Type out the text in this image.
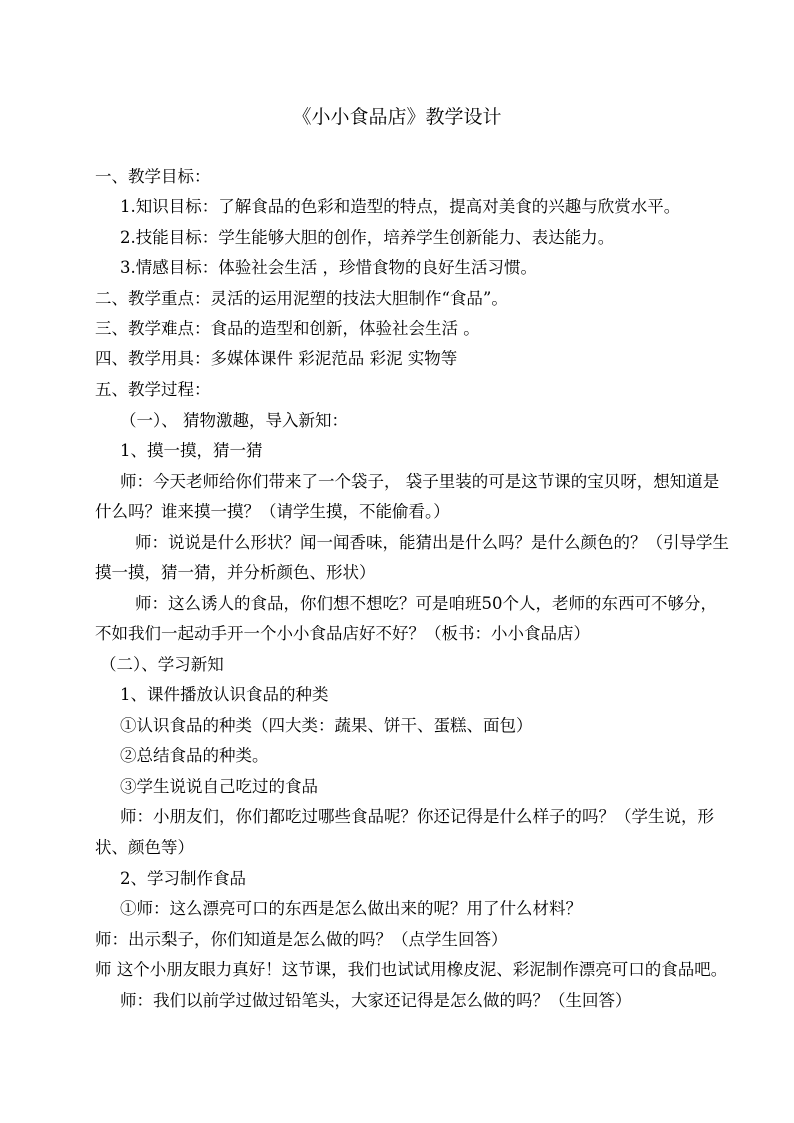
《小小食品店》教学设计
一、教学目标：
1.知识目标：了解食品的色彩和造型的特点，提高对美食的兴趣与欣赏水平。
2.技能目标：学生能够大胆的创作，培养学生创新能力、表达能力。
3.情感目标：体验社会生活 ，珍惜食物的良好生活习惯。
二、教学重点：灵活的运用泥塑的技法大胆制作“食品”。
三、教学难点：食品的造型和创新，体验社会生活 。
四、教学用具：多媒体课件 彩泥范品 彩泥 实物等
五、教学过程：
（一）、 猜物激趣，导入新知：
1、摸一摸，猜一猜
师：今天老师给你们带来了一个袋子， 袋子里装的可是这节课的宝贝呀，想知道是
什么吗？谁来摸一摸？（请学生摸，不能偷看。）
师：说说是什么形状？闻一闻香味，能猜出是什么吗？是什么颜色的？（引导学生
摸一摸，猜一猜，并分析颜色、形状）
师：这么诱人的食品，你们想不想吃？可是咱班50个人，老师的东西可不够分，
不如我们一起动手开一个小小食品店好不好？（板书：小小食品店）
（二）、学习新知
1、课件播放认识食品的种类
①认识食品的种类（四大类：蔬果、饼干、蛋糕、面包）
②总结食品的种类。
③学生说说自己吃过的食品
师：小朋友们，你们都吃过哪些食品呢？你还记得是什么样子的吗？（学生说，形
状、颜色等）
2、学习制作食品
①师：这么漂亮可口的东西是怎么做出来的呢？用了什么材料？
师：出示梨子，你们知道是怎么做的吗？（点学生回答）
师 这个小朋友眼力真好！这节课，我们也试试用橡皮泥、彩泥制作漂亮可口的食品吧。
师：我们以前学过做过铅笔头，大家还记得是怎么做的吗？（生回答）
